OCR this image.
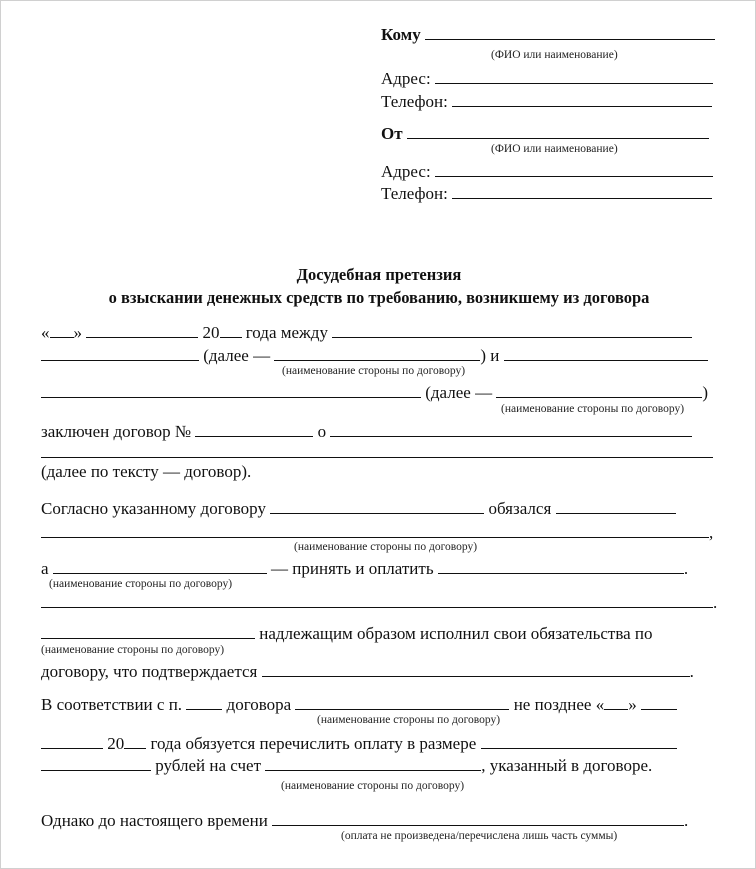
Кому
(ФИО или наименование)
Адрес:
Телефон:
От
(ФИО или наименование)
Адрес:
Телефон:
Досудебная претензия
о взыскании денежных средств по требованию, возникшему из договора
« »	20 года между
(далее —	) и
(наименование стороны по договору)
(далее —	)
(наименование стороны по договору)
заключен договор №	о
(далее по тексту — договор).
Согласно указанному договору	обязался
,
(наименование стороны по договору)
а	— принять и оплатить	.
(наименование стороны по договору)
.
надлежащим образом исполнил свои обязательства по
(наименование стороны по договору)
договору, что подтверждается	.
В соответствии с п.	договора	не позднее « »
(наименование стороны по договору)
20 года обязуется перечислить оплату в размере
рублей на счет	, указанный в договоре.
(наименование стороны по договору)
Однако до настоящего времени	.
(оплата не произведена/перечислена лишь часть суммы)
